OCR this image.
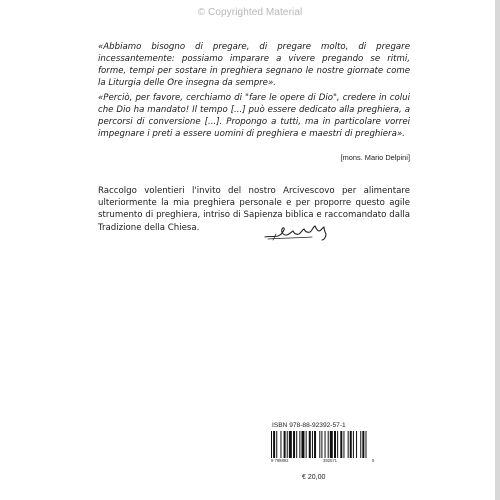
© Copyrighted Material

«Abbiamo bisogno di pregare, di pregare molto, di pregare incessantemente: possiamo imparare a vivere pregando se ritmi, forme, tempi per sostare in preghiera segnano le nostre giornate come la Liturgia delle Ore insegna da sempre».

«Perciò, per favore, cerchiamo di "fare le opere di Dio", credere in colui che Dio ha mandato! Il tempo [...] può essere dedicato alla preghiera, a percorsi di conversione [...]. Propongo a tutti, ma in particolare vorrei impegnare i preti a essere uomini di preghiera e maestri di preghiera».

[mons. Mario Delpini]

Raccolgo volentieri l'invito del nostro Arcivescovo per alimentare ulteriormente la mia preghiera personale e per proporre questo agile strumento di preghiera, intriso di Sapienza biblica e raccomandato dalla Tradizione della Chiesa.

ISBN 978-88-92392-57-1
9 788892	392571	5
€ 20,00
